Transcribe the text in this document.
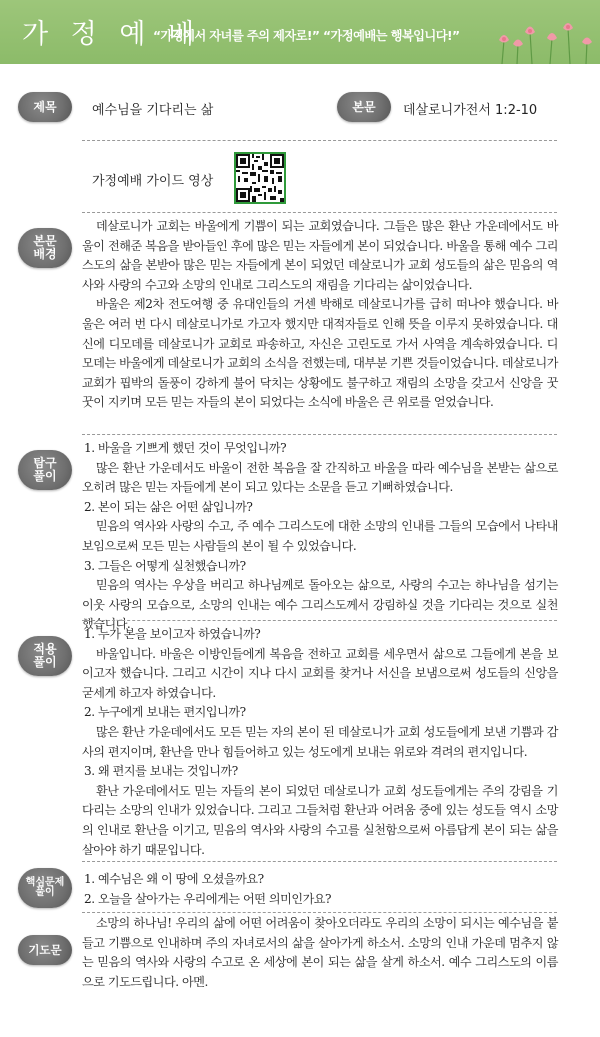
가 정 예 배
“가정에서 자녀를 주의 제자로!” “가정예배는 행복입니다!”
제목	예수님을 기다리는 삶	본문	데살로니가전서 1:2-10
가정예배 가이드 영상
본문
배경

데살로니가 교회는 바울에게 기쁨이 되는 교회였습니다. 그들은 많은 환난 가운데에서도 바울이 전해준 복음을 받아들인 후에 많은 믿는 자들에게 본이 되었습니다. 바울을 통해 예수 그리스도의 삶을 본받아 많은 믿는 자들에게 본이 되었던 데살로니가 교회 성도들의 삶은 믿음의 역사와 사랑의 수고와 소망의 인내로 그리스도의 재림을 기다리는 삶이었습니다.

바울은 제2차 전도여행 중 유대인들의 거센 박해로 데살로니가를 급히 떠나야 했습니다. 바울은 여러 번 다시 데살로니가로 가고자 했지만 대적자들로 인해 뜻을 이루지 못하였습니다. 대신에 디모데를 데살로니가 교회로 파송하고, 자신은 고린도로 가서 사역을 계속하였습니다. 디모데는 바울에게 데살로니가 교회의 소식을 전했는데, 대부분 기쁜 것들이었습니다. 데살로니가 교회가 핍박의 돌풍이 강하게 불어 닥치는 상황에도 불구하고 재림의 소망을 갖고서 신앙을 꿋꿋이 지키며 모든 믿는 자들의 본이 되었다는 소식에 바울은 큰 위로를 얻었습니다.

탐구
풀이

1. 바울을 기쁘게 했던 것이 무엇입니까?

많은 환난 가운데서도 바울이 전한 복음을 잘 간직하고 바울을 따라 예수님을 본받는 삶으로 오히려 많은 믿는 자들에게 본이 되고 있다는 소문을 듣고 기뻐하였습니다.

2. 본이 되는 삶은 어떤 삶입니까?

믿음의 역사와 사랑의 수고, 주 예수 그리스도에 대한 소망의 인내를 그들의 모습에서 나타내 보임으로써 모든 믿는 사람들의 본이 될 수 있었습니다.

3. 그들은 어떻게 실천했습니까?

믿음의 역사는 우상을 버리고 하나님께로 돌아오는 삶으로, 사랑의 수고는 하나님을 섬기는 이웃 사랑의 모습으로, 소망의 인내는 예수 그리스도께서 강림하실 것을 기다리는 것으로 실천했습니다.

적용
풀이

1. 누가 본을 보이고자 하였습니까?

바울입니다. 바울은 이방인들에게 복음을 전하고 교회를 세우면서 삶으로 그들에게 본을 보이고자 했습니다. 그리고 시간이 지나 다시 교회를 찾거나 서신을 보냄으로써 성도들의 신앙을 굳세게 하고자 하였습니다.

2. 누구에게 보내는 편지입니까?

많은 환난 가운데에서도 모든 믿는 자의 본이 된 데살로니가 교회 성도들에게 보낸 기쁨과 감사의 편지이며, 환난을 만나 힘들어하고 있는 성도에게 보내는 위로와 격려의 편지입니다.

3. 왜 편지를 보내는 것입니까?

환난 가운데에서도 믿는 자들의 본이 되었던 데살로니가 교회 성도들에게는 주의 강림을 기다리는 소망의 인내가 있었습니다. 그리고 그들처럼 환난과 어려움 중에 있는 성도들 역시 소망의 인내로 환난을 이기고, 믿음의 역사와 사랑의 수고를 실천함으로써 아름답게 본이 되는 삶을 살아야 하기 때문입니다.

핵심문제
풀이

1. 예수님은 왜 이 땅에 오셨을까요?

2. 오늘을 살아가는 우리에게는 어떤 의미인가요?

기도문

소망의 하나님! 우리의 삶에 어떤 어려움이 찾아오더라도 우리의 소망이 되시는 예수님을 붙들고 기쁨으로 인내하며 주의 자녀로서의 삶을 살아가게 하소서. 소망의 인내 가운데 멈추지 않는 믿음의 역사와 사랑의 수고로 온 세상에 본이 되는 삶을 살게 하소서. 예수 그리스도의 이름으로 기도드립니다. 아멘.
